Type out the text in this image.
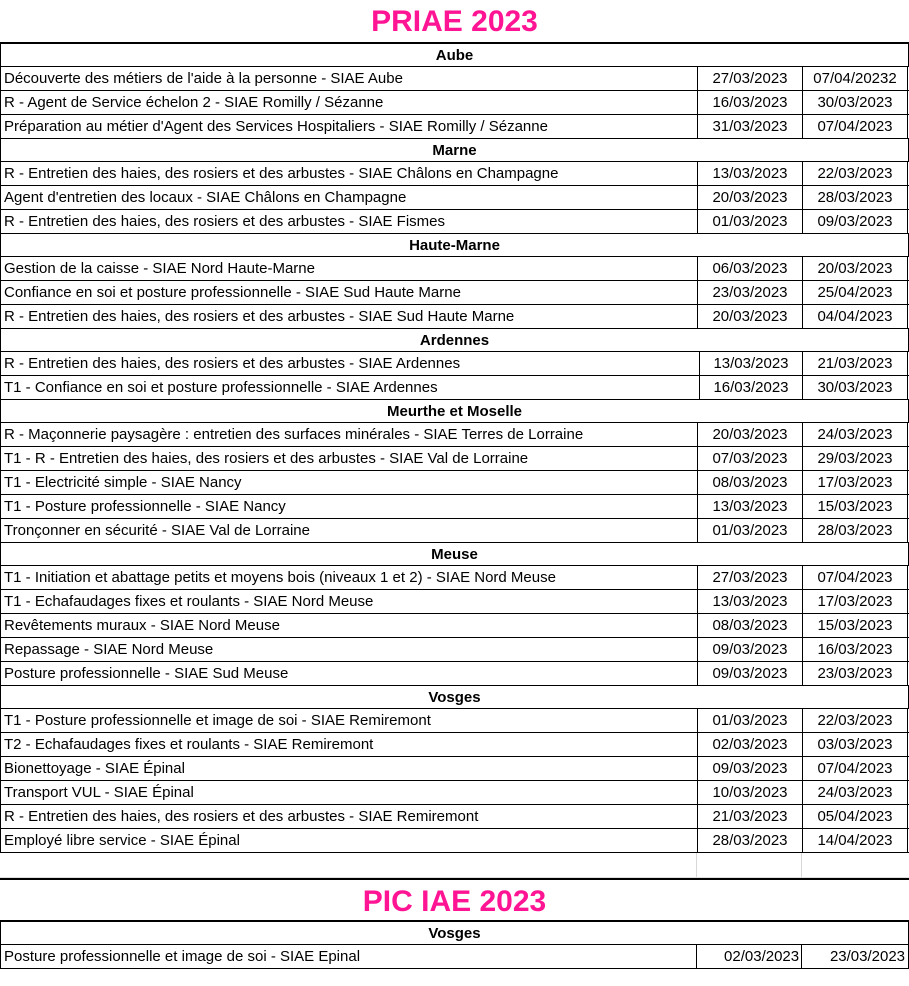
PRIAE 2023
Aube
Découverte des métiers de l'aide à la personne - SIAE Aube	27/03/2023	07/04/20232
R - Agent de Service échelon 2 - SIAE Romilly / Sézanne	16/03/2023	30/03/2023
Préparation au métier d'Agent des Services Hospitaliers - SIAE Romilly / Sézanne	31/03/2023	07/04/2023
Marne
R - Entretien des haies, des rosiers et des arbustes - SIAE Châlons en Champagne	13/03/2023	22/03/2023
Agent d'entretien des locaux - SIAE Châlons en Champagne	20/03/2023	28/03/2023
R - Entretien des haies, des rosiers et des arbustes - SIAE Fismes	01/03/2023	09/03/2023
Haute-Marne
Gestion de la caisse - SIAE Nord Haute-Marne	06/03/2023	20/03/2023
Confiance en soi et posture professionnelle - SIAE Sud Haute Marne	23/03/2023	25/04/2023
R - Entretien des haies, des rosiers et des arbustes - SIAE Sud Haute Marne	20/03/2023	04/04/2023
Ardennes
R - Entretien des haies, des rosiers et des arbustes - SIAE Ardennes	13/03/2023	21/03/2023
T1 - Confiance en soi et posture professionnelle - SIAE Ardennes	16/03/2023	30/03/2023
Meurthe et Moselle
R - Maçonnerie paysagère : entretien des surfaces minérales - SIAE Terres de Lorraine	20/03/2023	24/03/2023
T1 - R - Entretien des haies, des rosiers et des arbustes - SIAE Val de Lorraine	07/03/2023	29/03/2023
T1 - Electricité simple - SIAE Nancy	08/03/2023	17/03/2023
T1 - Posture professionnelle - SIAE Nancy	13/03/2023	15/03/2023
Tronçonner en sécurité - SIAE Val de Lorraine	01/03/2023	28/03/2023
Meuse
T1 - Initiation et abattage petits et moyens bois (niveaux 1 et 2) - SIAE Nord Meuse	27/03/2023	07/04/2023
T1 - Echafaudages fixes et roulants - SIAE Nord Meuse	13/03/2023	17/03/2023
Revêtements muraux - SIAE Nord Meuse	08/03/2023	15/03/2023
Repassage - SIAE Nord Meuse	09/03/2023	16/03/2023
Posture professionnelle - SIAE Sud Meuse	09/03/2023	23/03/2023
Vosges
T1 - Posture professionnelle et image de soi - SIAE Remiremont	01/03/2023	22/03/2023
T2 - Echafaudages fixes et roulants - SIAE Remiremont	02/03/2023	03/03/2023
Bionettoyage - SIAE Épinal	09/03/2023	07/04/2023
Transport VUL - SIAE Épinal	10/03/2023	24/03/2023
R - Entretien des haies, des rosiers et des arbustes - SIAE Remiremont	21/03/2023	05/04/2023
Employé libre service - SIAE Épinal	28/03/2023	14/04/2023
PIC IAE 2023
Vosges
Posture professionnelle et image de soi - SIAE Epinal	02/03/2023	23/03/2023
